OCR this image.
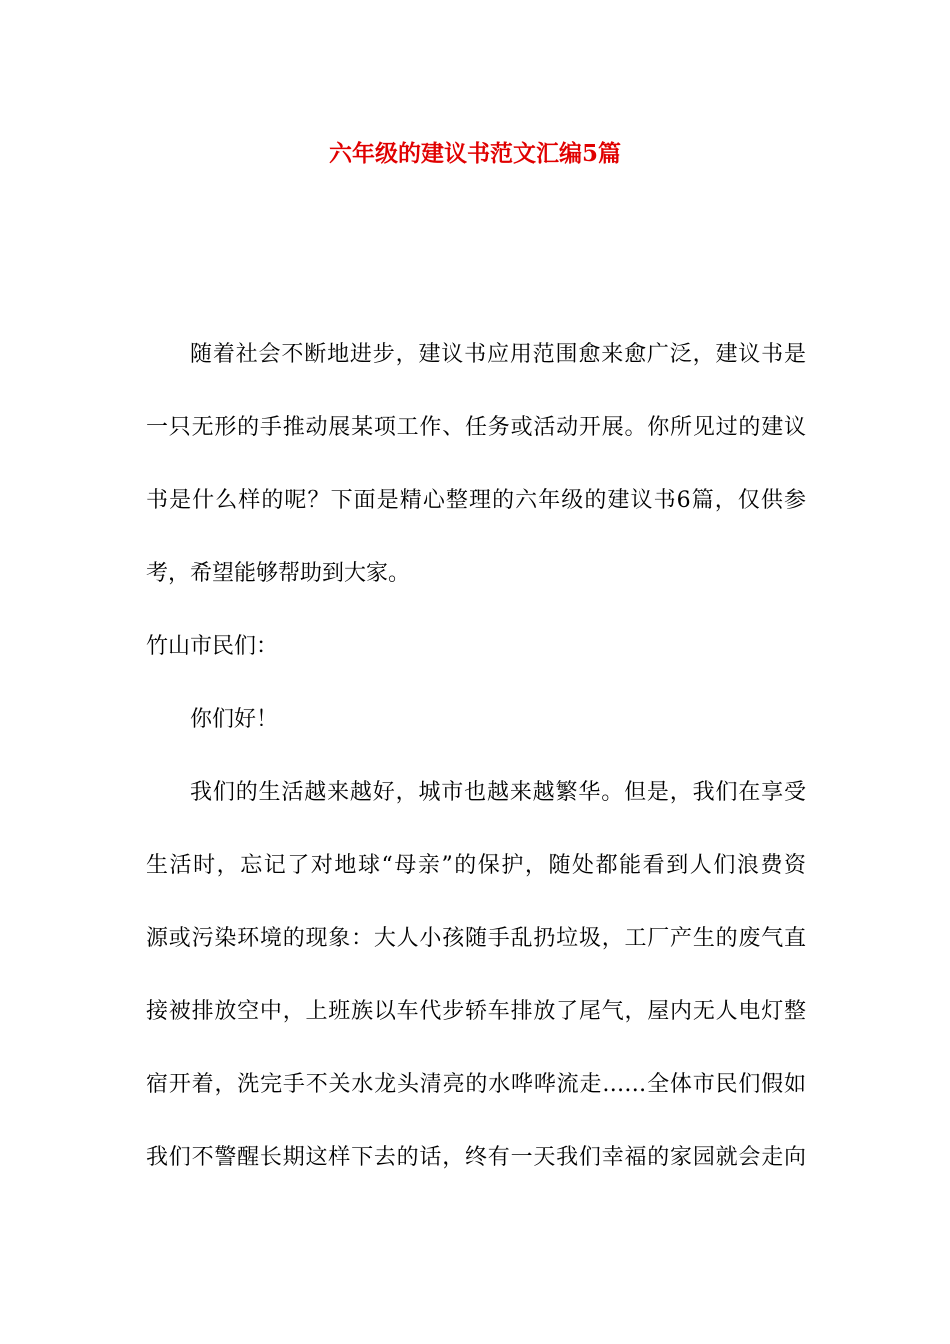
六年级的建议书范文汇编5篇

随着社会不断地进步，建议书应用范围愈来愈广泛，建议书是
一只无形的手推动展某项工作、任务或活动开展。你所见过的建议
书是什么样的呢？下面是精心整理的六年级的建议书6篇，仅供参
考，希望能够帮助到大家。

竹山市民们：

你们好！

我们的生活越来越好，城市也越来越繁华。但是，我们在享受
生活时，忘记了对地球“母亲”的保护，随处都能看到人们浪费资
源或污染环境的现象：大人小孩随手乱扔垃圾，工厂产生的废气直
接被排放空中，上班族以车代步轿车排放了尾气，屋内无人电灯整
宿开着，洗完手不关水龙头清亮的水哗哗流走……全体市民们假如
我们不警醒长期这样下去的话，终有一天我们幸福的家园就会走向
